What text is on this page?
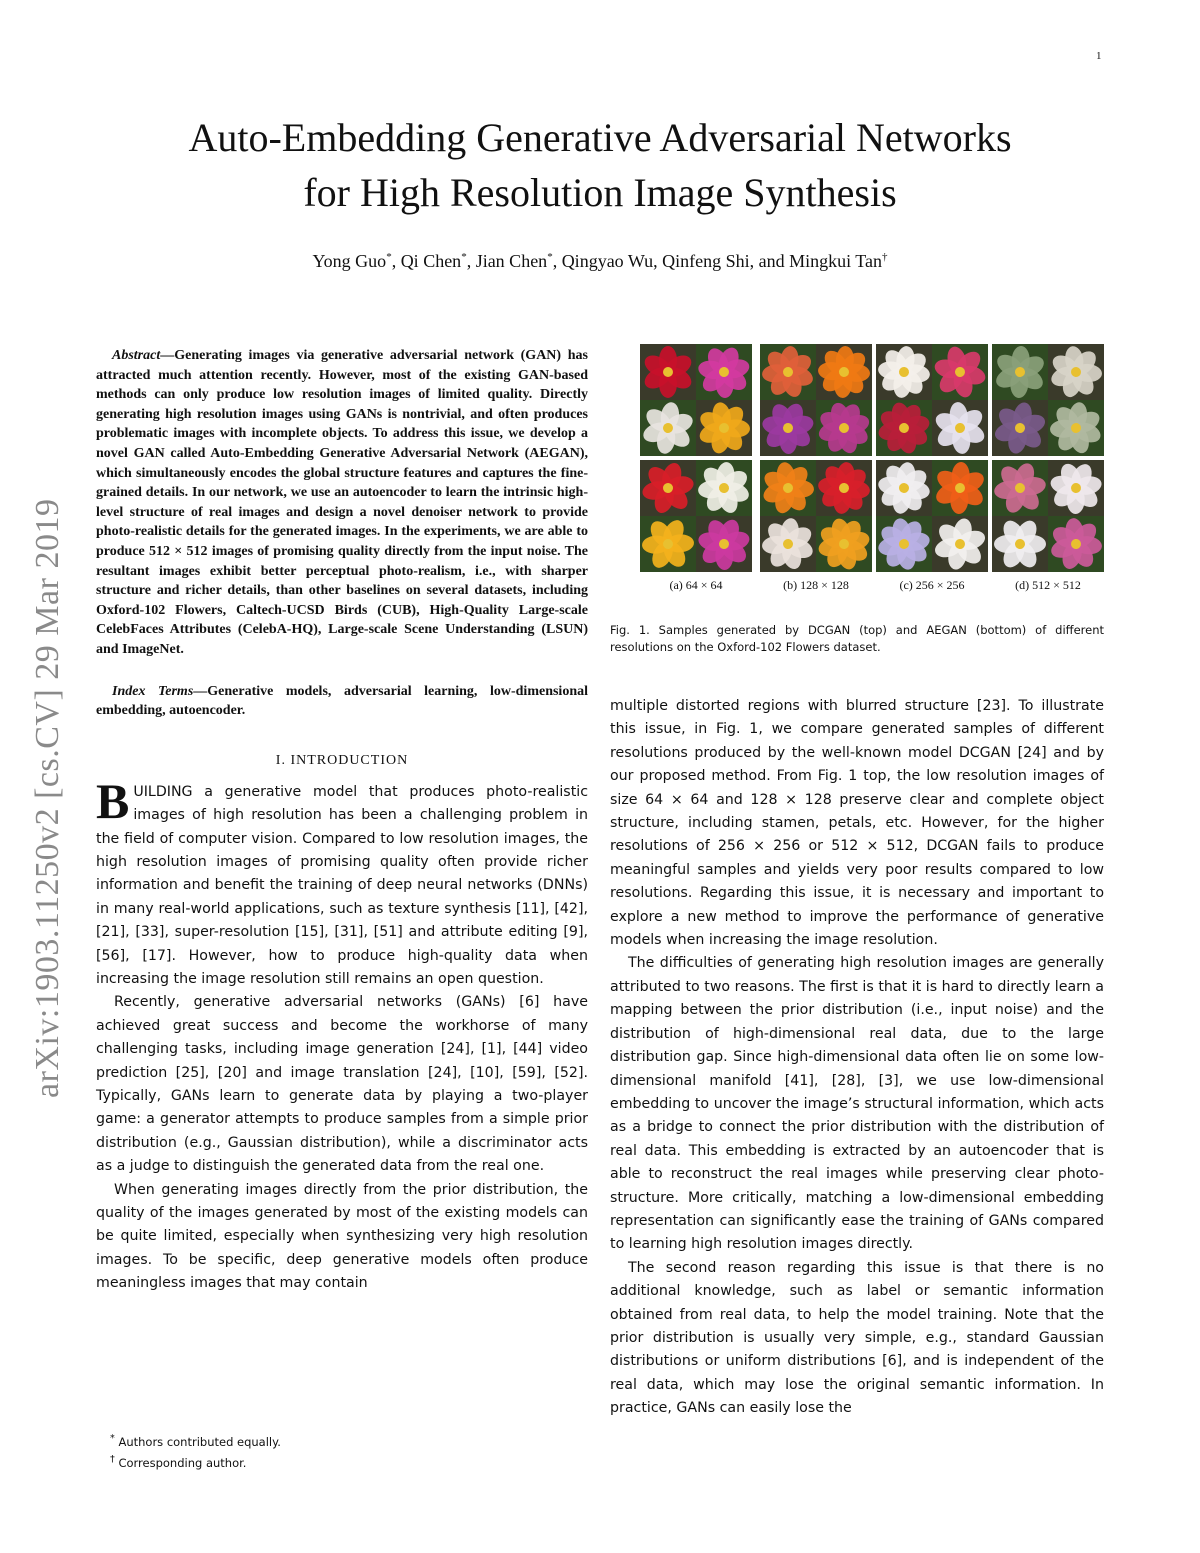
1
arXiv:1903.11250v2 [cs.CV] 29 Mar 2019
Auto-Embedding Generative Adversarial Networks
for High Resolution Image Synthesis
Yong Guo*, Qi Chen*, Jian Chen*, Qingyao Wu, Qinfeng Shi, and Mingkui Tan†

Abstract—Generating images via generative adversarial network (GAN) has attracted much attention recently. However, most of the existing GAN-based methods can only produce low resolution images of limited quality. Directly generating high resolution images using GANs is nontrivial, and often produces problematic images with incomplete objects. To address this issue, we develop a novel GAN called Auto-Embedding Generative Adversarial Network (AEGAN), which simultaneously encodes the global structure features and captures the fine-grained details. In our network, we use an autoencoder to learn the intrinsic high-level structure of real images and design a novel denoiser network to provide photo-realistic details for the generated images. In the experiments, we are able to produce 512 × 512 images of promising quality directly from the input noise. The resultant images exhibit better perceptual photo-realism, i.e., with sharper structure and richer details, than other baselines on several datasets, including Oxford-102 Flowers, Caltech-UCSD Birds (CUB), High-Quality Large-scale CelebFaces Attributes (CelebA-HQ), Large-scale Scene Understanding (LSUN) and ImageNet.

Index Terms—Generative models, adversarial learning, low-dimensional embedding, autoencoder.

I. INTRODUCTION

BUILDING a generative model that produces photo-realistic images of high resolution has been a challenging problem in the field of computer vision. Compared to low resolution images, the high resolution images of promising quality often provide richer information and benefit the training of deep neural networks (DNNs) in many real-world applications, such as texture synthesis [11], [42], [21], [33], super-resolution [15], [31], [51] and attribute editing [9], [56], [17]. However, how to produce high-quality data when increasing the image resolution still remains an open question.

Recently, generative adversarial networks (GANs) [6] have achieved great success and become the workhorse of many challenging tasks, including image generation [24], [1], [44] video prediction [25], [20] and image translation [24], [10], [59], [52]. Typically, GANs learn to generate data by playing a two-player game: a generator attempts to produce samples from a simple prior distribution (e.g., Gaussian distribution), while a discriminator acts as a judge to distinguish the generated data from the real one.

When generating images directly from the prior distribution, the quality of the images generated by most of the existing models can be quite limited, especially when synthesizing very high resolution images. To be specific, deep generative models often produce meaningless images that may contain

* Authors contributed equally.
† Corresponding author.
(a) 64 × 64	(b) 128 × 128	(c) 256 × 256	(d) 512 × 512

Fig. 1. Samples generated by DCGAN (top) and AEGAN (bottom) of different resolutions on the Oxford-102 Flowers dataset.

multiple distorted regions with blurred structure [23]. To illustrate this issue, in Fig. 1, we compare generated samples of different resolutions produced by the well-known model DCGAN [24] and by our proposed method. From Fig. 1 top, the low resolution images of size 64 × 64 and 128 × 128 preserve clear and complete object structure, including stamen, petals, etc. However, for the higher resolutions of 256 × 256 or 512 × 512, DCGAN fails to produce meaningful samples and yields very poor results compared to low resolutions. Regarding this issue, it is necessary and important to explore a new method to improve the performance of generative models when increasing the image resolution.

The difficulties of generating high resolution images are generally attributed to two reasons. The first is that it is hard to directly learn a mapping between the prior distribution (i.e., input noise) and the distribution of high-dimensional real data, due to the large distribution gap. Since high-dimensional data often lie on some low-dimensional manifold [41], [28], [3], we use low-dimensional embedding to uncover the image’s structural information, which acts as a bridge to connect the prior distribution with the distribution of real data. This embedding is extracted by an autoencoder that is able to reconstruct the real images while preserving clear photo-structure. More critically, matching a low-dimensional embedding representation can significantly ease the training of GANs compared to learning high resolution images directly.

The second reason regarding this issue is that there is no additional knowledge, such as label or semantic information obtained from real data, to help the model training. Note that the prior distribution is usually very simple, e.g., standard Gaussian distributions or uniform distributions [6], and is independent of the real data, which may lose the original semantic information. In practice, GANs can easily lose the
